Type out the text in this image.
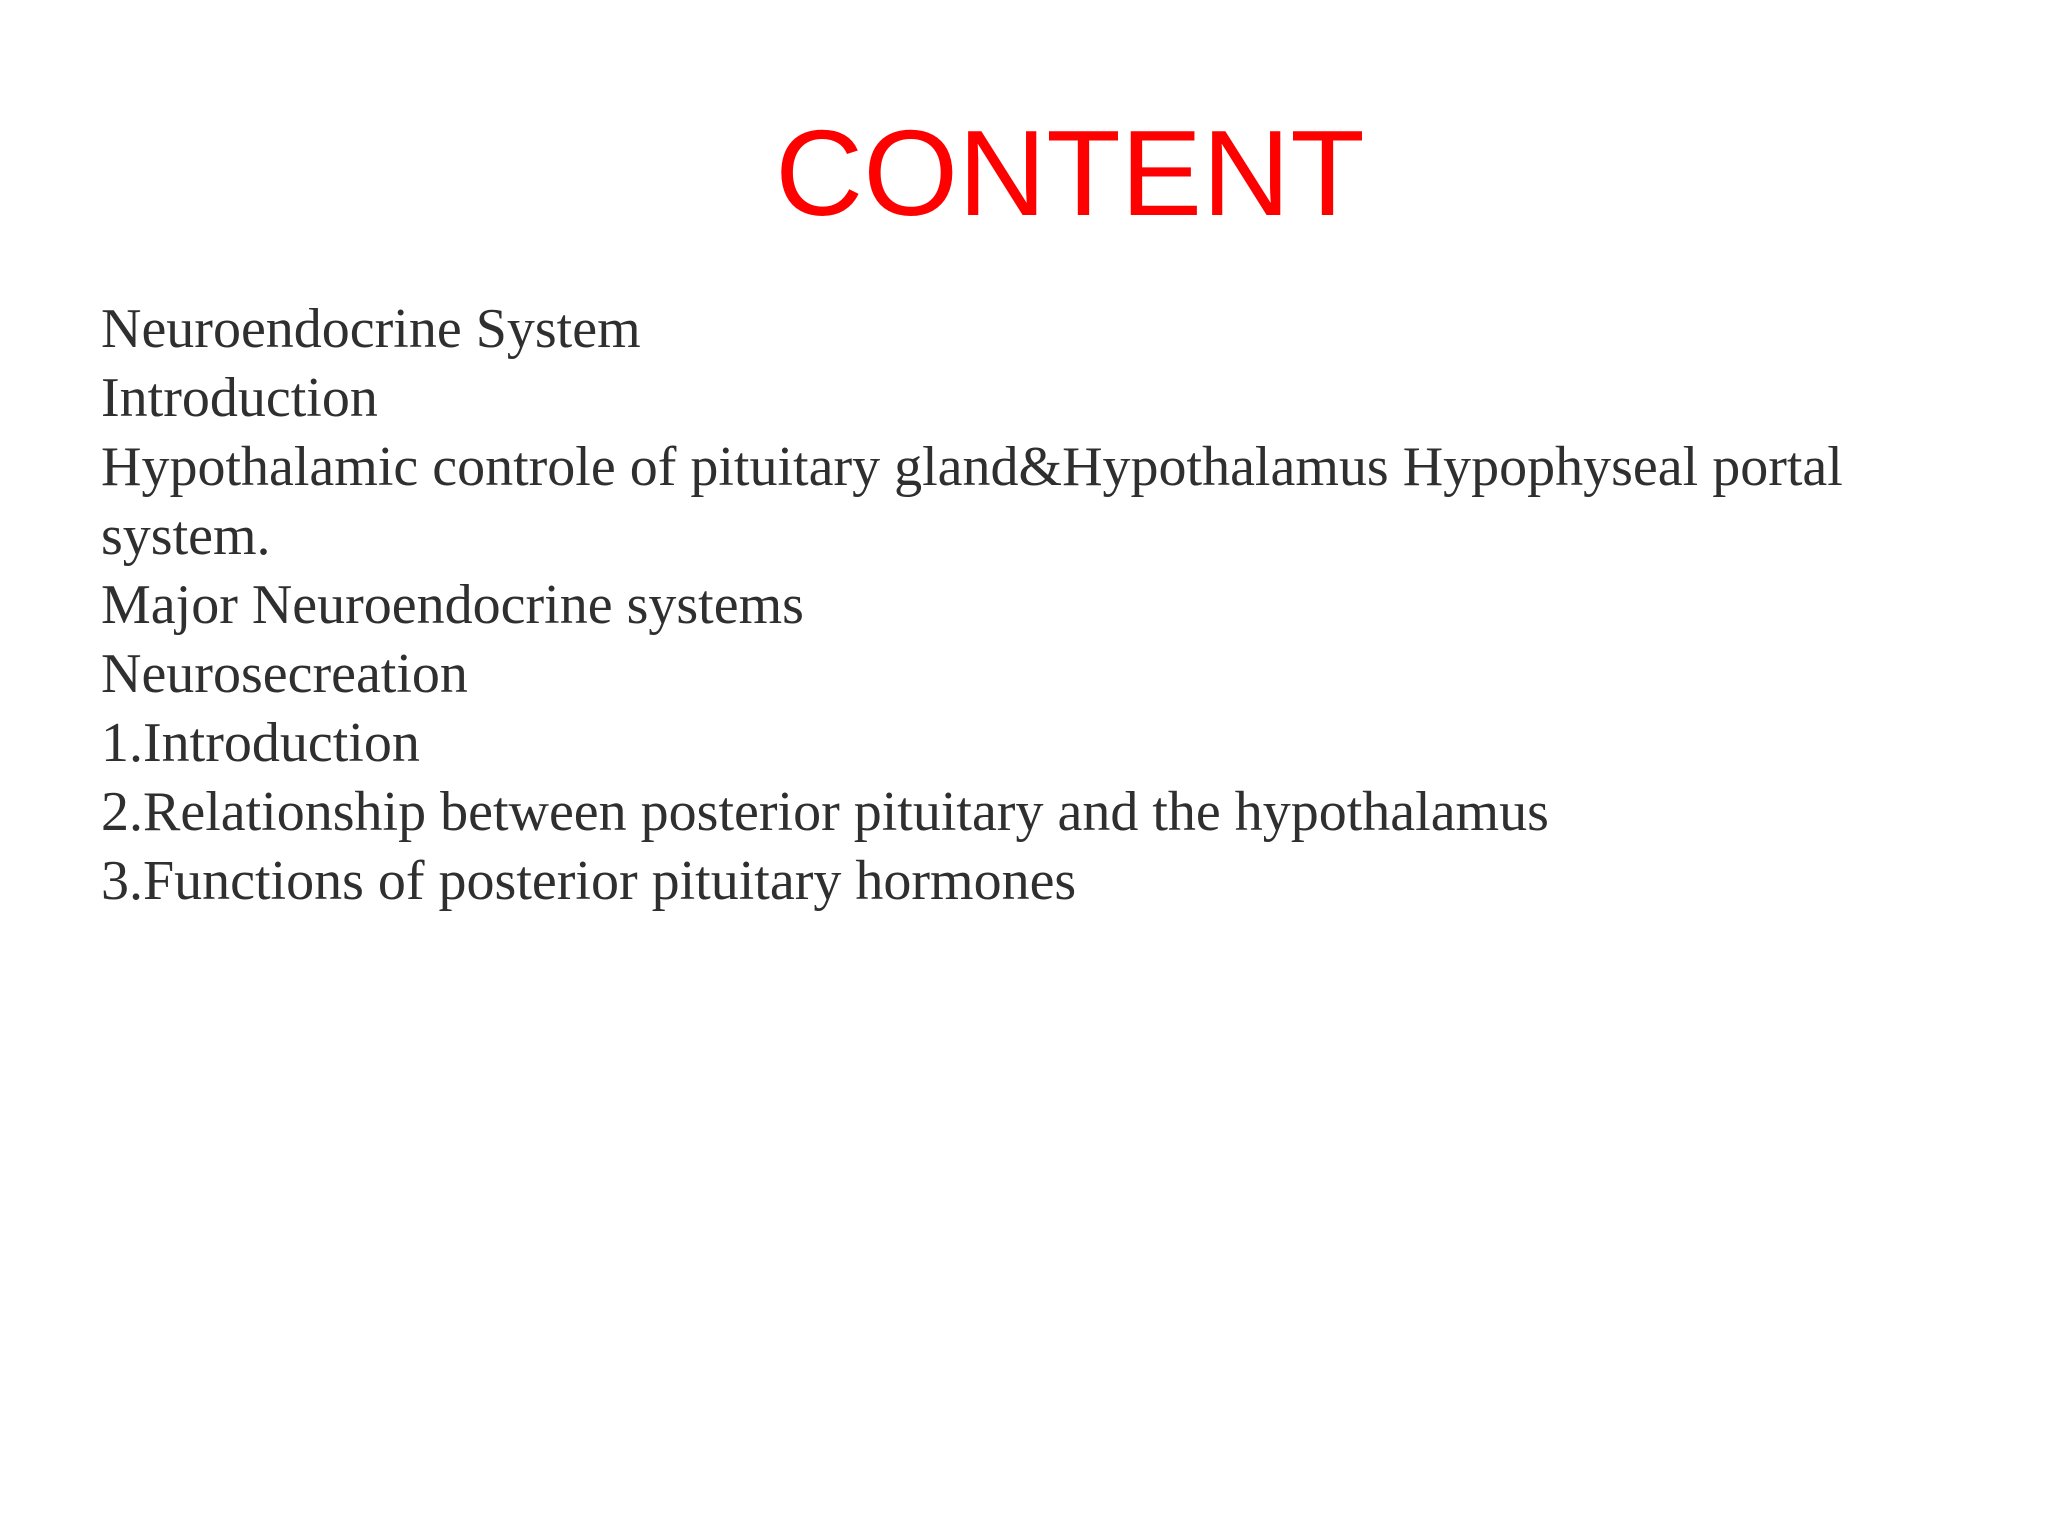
CONTENT
Neuroendocrine System
Introduction
Hypothalamic controle of pituitary gland&Hypothalamus Hypophyseal portal
system.
Major Neuroendocrine systems
Neurosecreation
1.Introduction
2.Relationship between posterior pituitary and the hypothalamus
3.Functions of posterior pituitary hormones
